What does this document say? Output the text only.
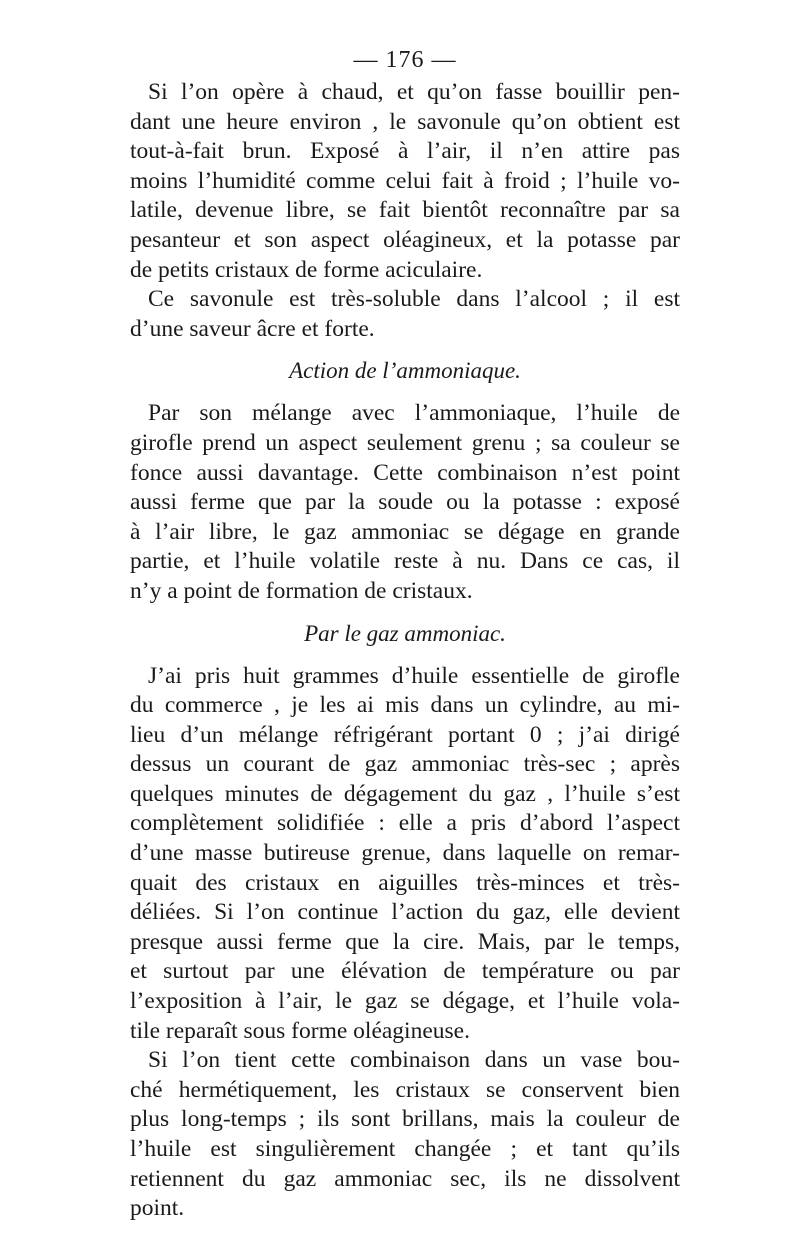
— 176 —

Si l’on opère à chaud, et qu’on fasse bouillir pen-
dant une heure environ , le savonule qu’on obtient est
tout-à-fait brun. Exposé à l’air, il n’en attire pas
moins l’humidité comme celui fait à froid ; l’huile vo-
latile, devenue libre, se fait bientôt reconnaître par sa
pesanteur et son aspect oléagineux, et la potasse par
de petits cristaux de forme aciculaire.

Ce savonule est très-soluble dans l’alcool ; il est
d’une saveur âcre et forte.

Action de l’ammoniaque.

Par son mélange avec l’ammoniaque, l’huile de
girofle prend un aspect seulement grenu ; sa couleur se
fonce aussi davantage. Cette combinaison n’est point
aussi ferme que par la soude ou la potasse : exposé
à l’air libre, le gaz ammoniac se dégage en grande
partie, et l’huile volatile reste à nu. Dans ce cas, il
n’y a point de formation de cristaux.

Par le gaz ammoniac.

J’ai pris huit grammes d’huile essentielle de girofle
du commerce , je les ai mis dans un cylindre, au mi-
lieu d’un mélange réfrigérant portant 0 ; j’ai dirigé
dessus un courant de gaz ammoniac très-sec ; après
quelques minutes de dégagement du gaz , l’huile s’est
complètement solidifiée : elle a pris d’abord l’aspect
d’une masse butireuse grenue, dans laquelle on remar-
quait des cristaux en aiguilles très-minces et très-
déliées. Si l’on continue l’action du gaz, elle devient
presque aussi ferme que la cire. Mais, par le temps,
et surtout par une élévation de température ou par
l’exposition à l’air, le gaz se dégage, et l’huile vola-
tile reparaît sous forme oléagineuse.

Si l’on tient cette combinaison dans un vase bou-
ché hermétiquement, les cristaux se conservent bien
plus long-temps ; ils sont brillans, mais la couleur de
l’huile est singulièrement changée ; et tant qu’ils
retiennent du gaz ammoniac sec, ils ne dissolvent
point.
